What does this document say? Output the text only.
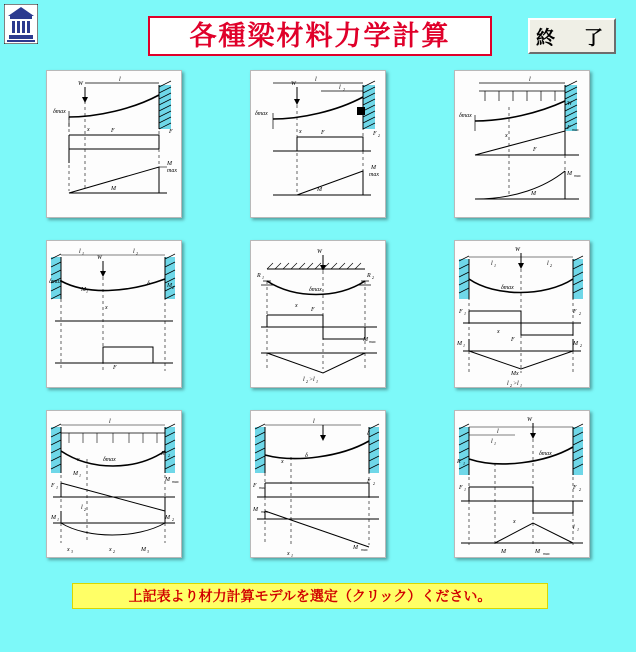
各種梁材料力学計算	終　了
W
l
δmax
x	F	F
M
M
max
W
l
l 2
δmax
x	F	F 2
M
M
max
l
δmax
x
W
F
F max
M
M max
l 1	l 2
W
δmax
M 1
δ	M 2
x
F
W
R 1	R 2
δmax
x
F
M max
l 2 >l 1
W
l 1	l 2
δmax
F 1	F 2
x
F
M 1	M 2
Mx
l 2 >l 1
l
x	δmax
F 1
M max
M 1
M 2
l 2
M 1	M 2
x 3	x 2	M 3
l
x
δ
δ
F max
F 2
M max
M max
x 1
W
l
l 1
R 1
δmax
F 1	F 2
x
l 1
M	M max
上記表より材力計算モデルを選定（クリック）ください。
